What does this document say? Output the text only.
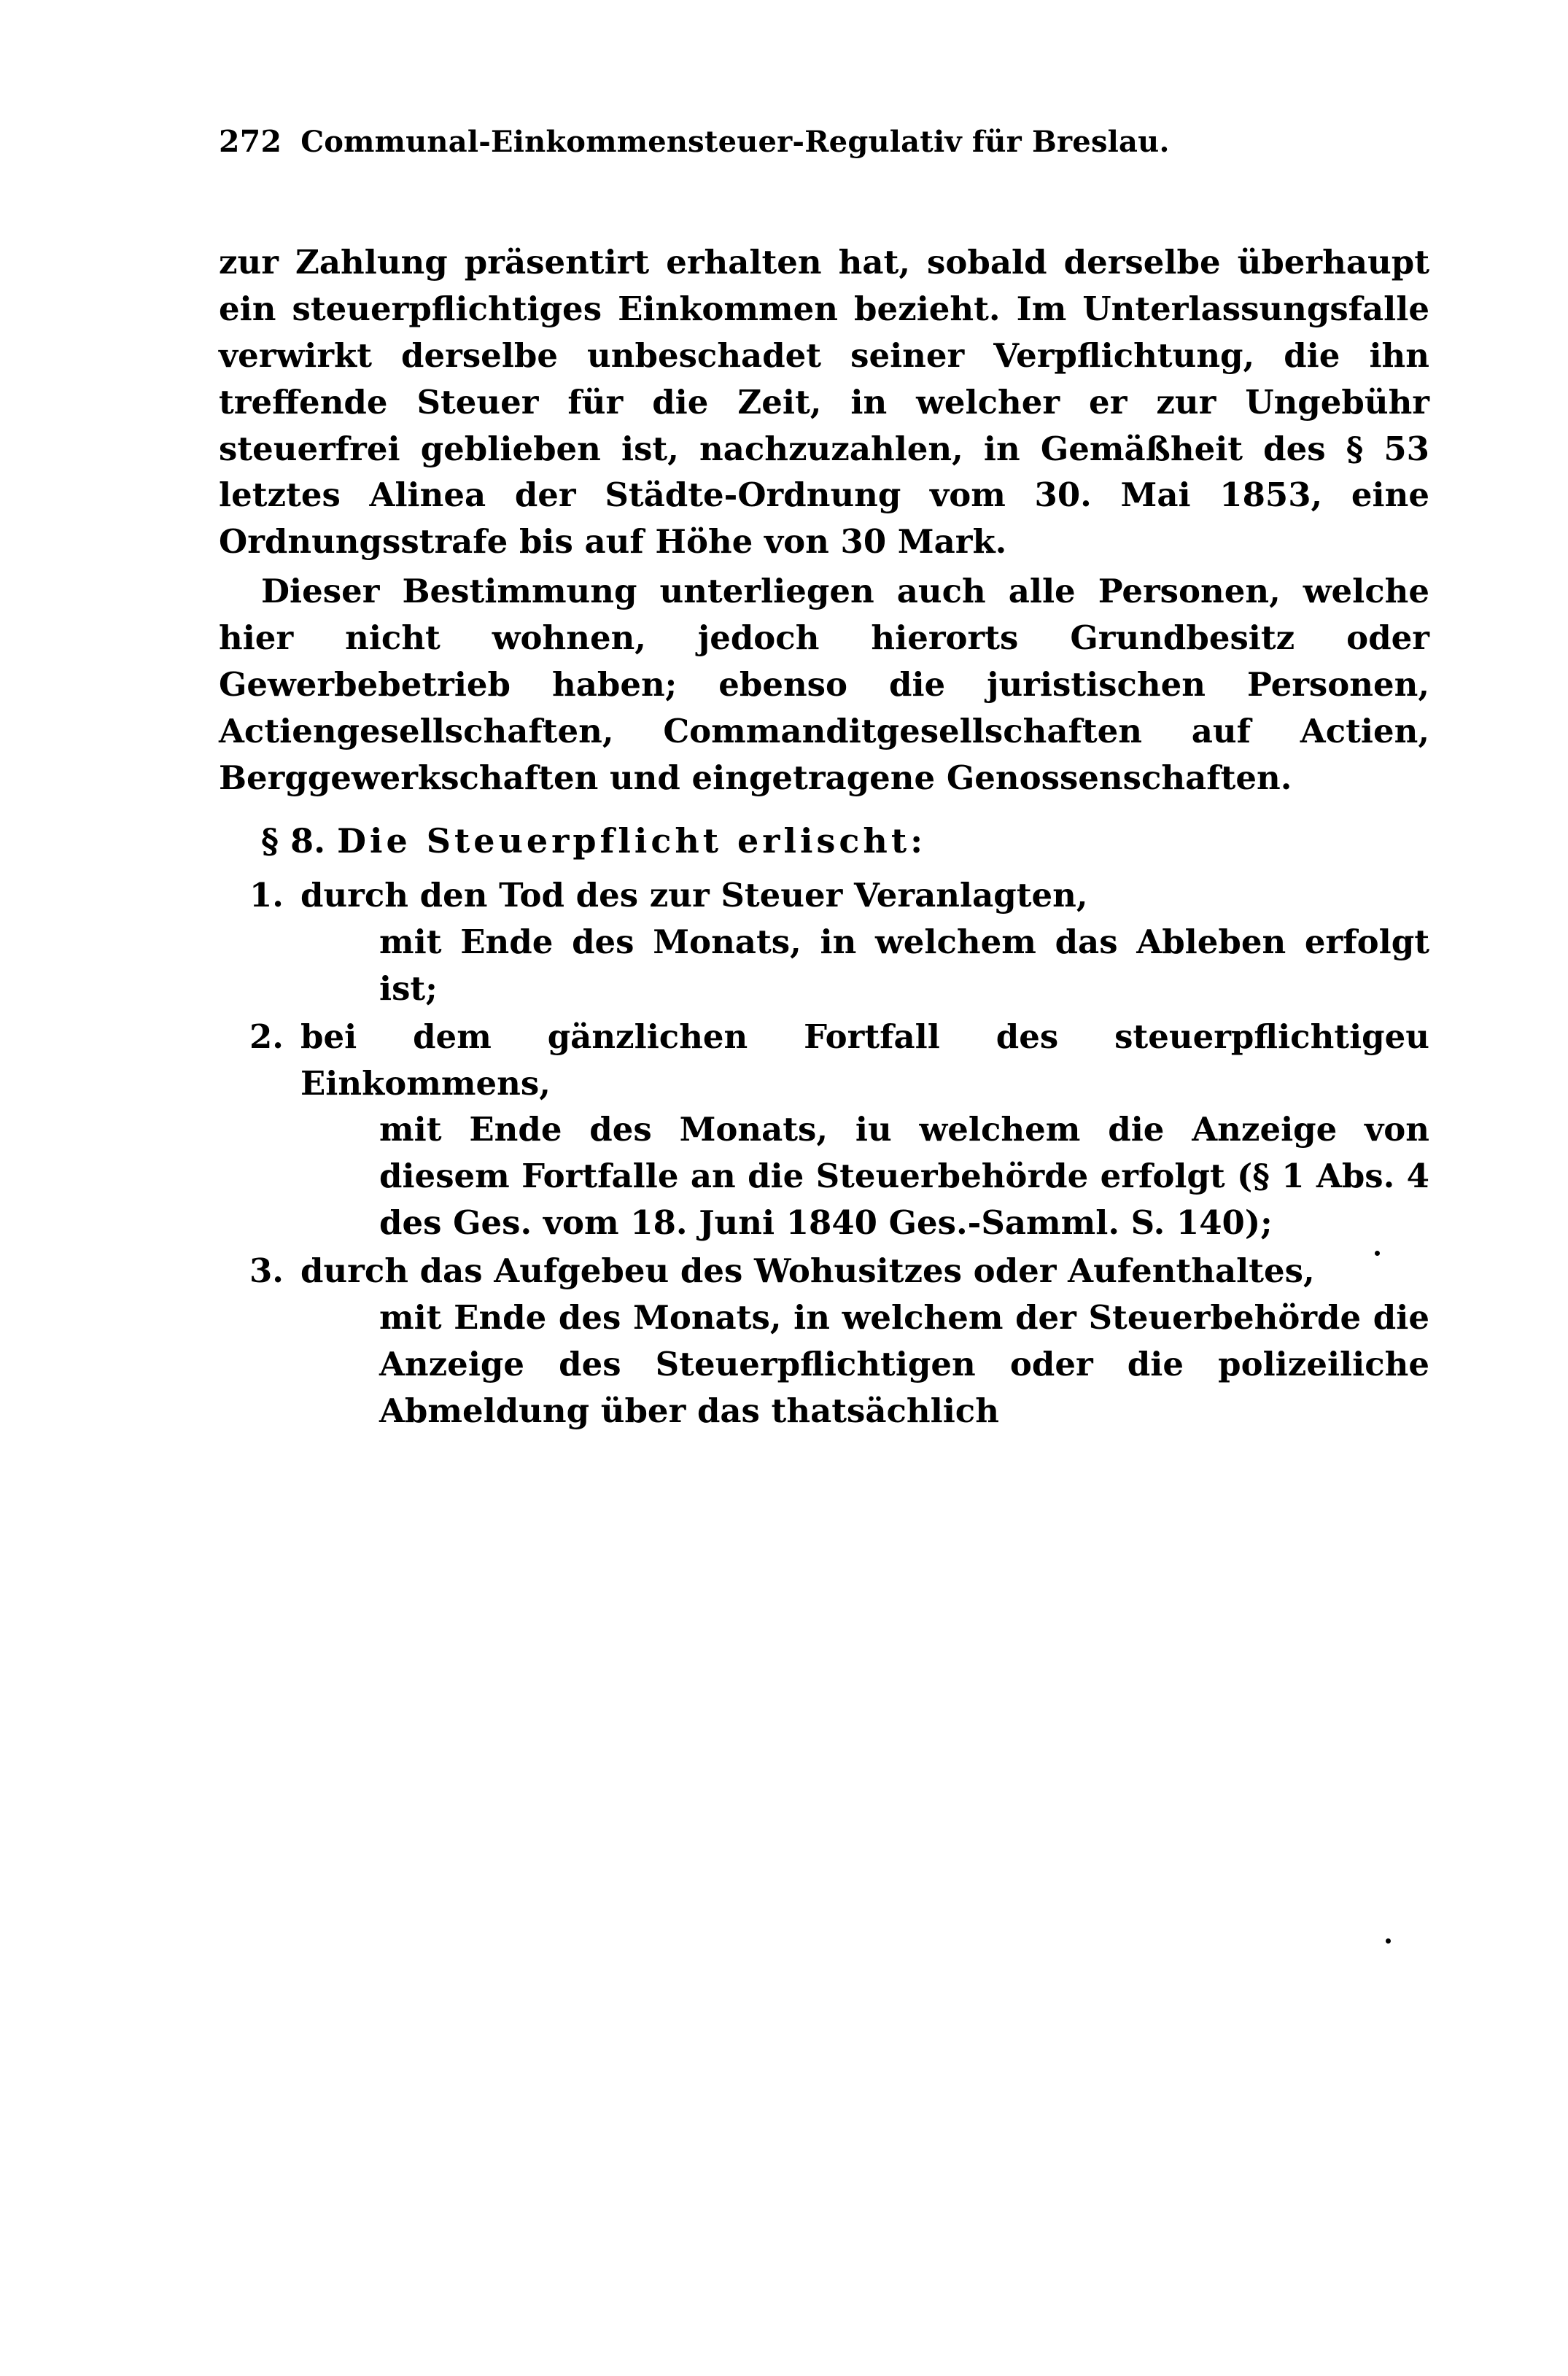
272 Communal-Einkommensteuer-Regulativ für Breslau.

zur Zahlung präsentirt erhalten hat, sobald derselbe überhaupt ein steuerpflichtiges Einkommen bezieht. Im Unterlassungsfalle verwirkt derselbe unbeschadet seiner Verpflichtung, die ihn treffende Steuer für die Zeit, in welcher er zur Ungebühr steuerfrei geblieben ist, nachzuzahlen, in Gemäßheit des § 53 letztes Alinea der Städte-Ordnung vom 30. Mai 1853, eine Ordnungsstrafe bis auf Höhe von 30 Mark.

Dieser Bestimmung unterliegen auch alle Personen, welche hier nicht wohnen, jedoch hierorts Grundbesitz oder Gewerbebetrieb haben; ebenso die juristischen Personen, Actiengesellschaften, Commanditgesellschaften auf Actien, Berggewerkschaften und eingetragene Genossenschaften.

§ 8. Die Steuerpflicht erlischt:
1. durch den Tod des zur Steuer Veranlagten,
mit Ende des Monats, in welchem das Ableben erfolgt ist;
2. bei dem gänzlichen Fortfall des steuerpflichtigeu Einkommens,
mit Ende des Monats, iu welchem die Anzeige von diesem Fortfalle an die Steuerbehörde erfolgt (§ 1 Abs. 4 des Ges. vom 18. Juni 1840 Ges.-Samml. S. 140);
3. durch das Aufgebeu des Wohusitzes oder Aufenthaltes,
mit Ende des Monats, in welchem der Steuerbehörde die Anzeige des Steuerpflichtigen oder die polizeiliche Abmeldung über das thatsächlich
